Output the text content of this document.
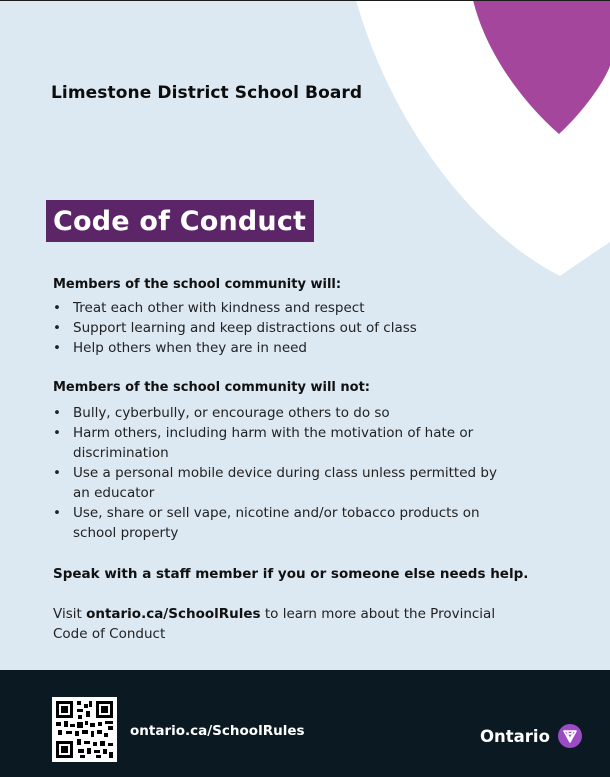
Limestone District School Board
Code of Conduct
Members of the school community will:
• Treat each other with kindness and respect
• Support learning and keep distractions out of class
• Help others when they are in need
Members of the school community will not:
• Bully, cyberbully, or encourage others to do so
• Harm others, including harm with the motivation of hate or discrimination
• Use a personal mobile device during class unless permitted by an educator
• Use, share or sell vape, nicotine and/or tobacco products on school property
Speak with a staff member if you or someone else needs help.
Visit ontario.ca/SchoolRules to learn more about the Provincial Code of Conduct
ontario.ca/SchoolRules	Ontario
